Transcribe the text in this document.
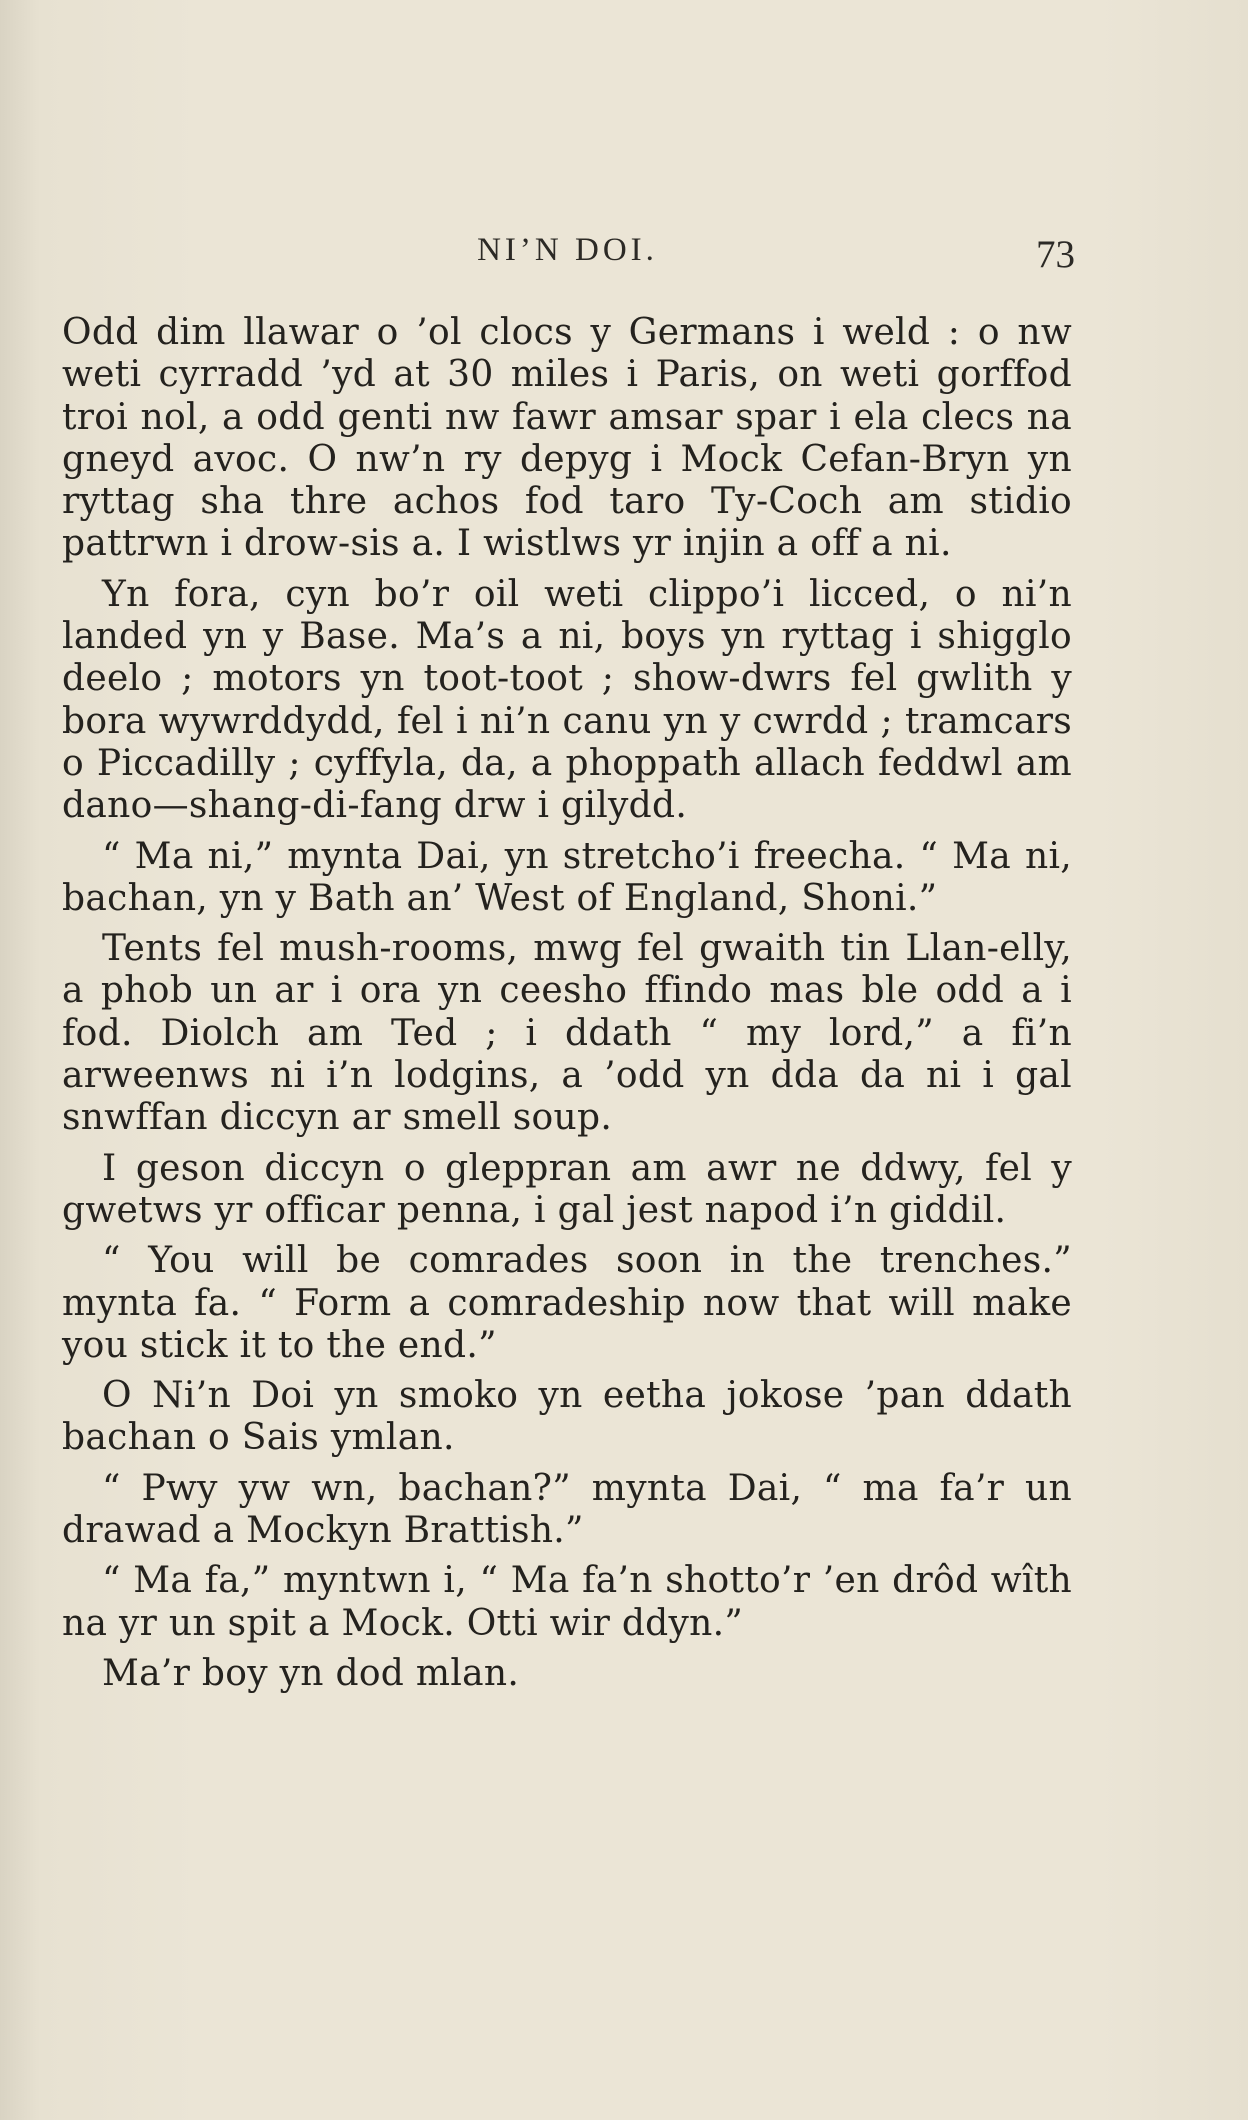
NI’N DOI.	73

Odd dim llawar o ’ol clocs y Germans i weld : o nw weti cyrradd ’yd at 30 miles i Paris, on weti gorffod troi nol, a odd genti nw fawr amsar spar i ela clecs na gneyd avoc. O nw’n ry depyg i Mock Cefan-Bryn yn ryttag sha thre achos fod taro Ty-Coch am stidio pattrwn i drow-sis a. I wistlws yr injin a off a ni.

Yn fora, cyn bo’r oil weti clippo’i licced, o ni’n landed yn y Base. Ma’s a ni, boys yn ryttag i shigglo deelo ; motors yn toot-toot ; show-dwrs fel gwlith y bora wywrddydd, fel i ni’n canu yn y cwrdd ; tramcars o Piccadilly ; cyffyla, da, a phoppath allach feddwl am dano—shang-di-fang drw i gilydd.

“ Ma ni,” mynta Dai, yn stretcho’i freecha. “ Ma ni, bachan, yn y Bath an’ West of England, Shoni.”

Tents fel mush-rooms, mwg fel gwaith tin Llan-elly, a phob un ar i ora yn ceesho ffindo mas ble odd a i fod. Diolch am Ted ; i ddath “ my lord,” a fi’n arweenws ni i’n lodgins, a ’odd yn dda da ni i gal snwffan diccyn ar smell soup.

I geson diccyn o gleppran am awr ne ddwy, fel y gwetws yr officar penna, i gal jest napod i’n giddil.

“ You will be comrades soon in the trenches.” mynta fa. “ Form a comradeship now that will make you stick it to the end.”

O Ni’n Doi yn smoko yn eetha jokose ’pan ddath bachan o Sais ymlan.

“ Pwy yw wn, bachan?” mynta Dai, “ ma fa’r un drawad a Mockyn Brattish.”

“ Ma fa,” myntwn i, “ Ma fa’n shotto’r ’en drôd wîth na yr un spit a Mock. Otti wir ddyn.”

Ma’r boy yn dod mlan.
